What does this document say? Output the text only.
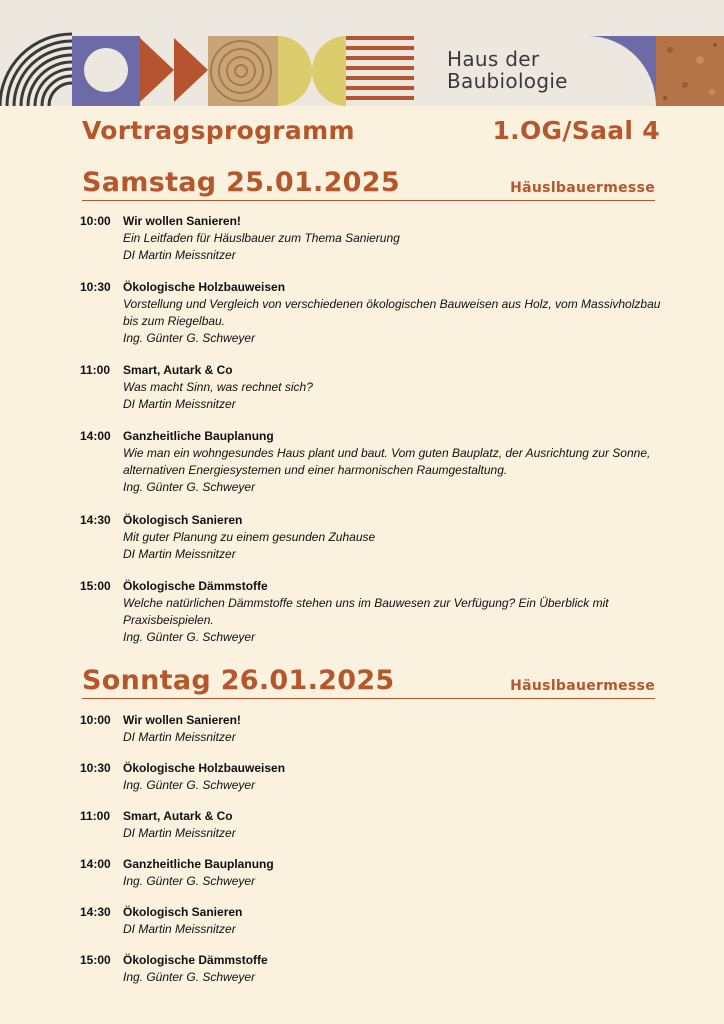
Haus der
Baubiologie
Vortragsprogramm	1.OG/Saal 4
Samstag 25.01.2025	Häuslbauermesse
10:00 Wir wollen Sanieren!
Ein Leitfaden für Häuslbauer zum Thema Sanierung
DI Martin Meissnitzer
10:30 Ökologische Holzbauweisen
Vorstellung und Vergleich von verschiedenen ökologischen Bauweisen aus Holz, vom Massivholzbau
bis zum Riegelbau.
Ing. Günter G. Schweyer
11:00 Smart, Autark & Co
Was macht Sinn, was rechnet sich?
DI Martin Meissnitzer
14:00 Ganzheitliche Bauplanung
Wie man ein wohngesundes Haus plant und baut. Vom guten Bauplatz, der Ausrichtung zur Sonne,
alternativen Energiesystemen und einer harmonischen Raumgestaltung.
Ing. Günter G. Schweyer
14:30 Ökologisch Sanieren
Mit guter Planung zu einem gesunden Zuhause
DI Martin Meissnitzer
15:00 Ökologische Dämmstoffe
Welche natürlichen Dämmstoffe stehen uns im Bauwesen zur Verfügung? Ein Überblick mit
Praxisbeispielen.
Ing. Günter G. Schweyer
Sonntag 26.01.2025	Häuslbauermesse
10:00 Wir wollen Sanieren!
DI Martin Meissnitzer
10:30 Ökologische Holzbauweisen
Ing. Günter G. Schweyer
11:00 Smart, Autark & Co
DI Martin Meissnitzer
14:00 Ganzheitliche Bauplanung
Ing. Günter G. Schweyer
14:30 Ökologisch Sanieren
DI Martin Meissnitzer
15:00 Ökologische Dämmstoffe
Ing. Günter G. Schweyer
